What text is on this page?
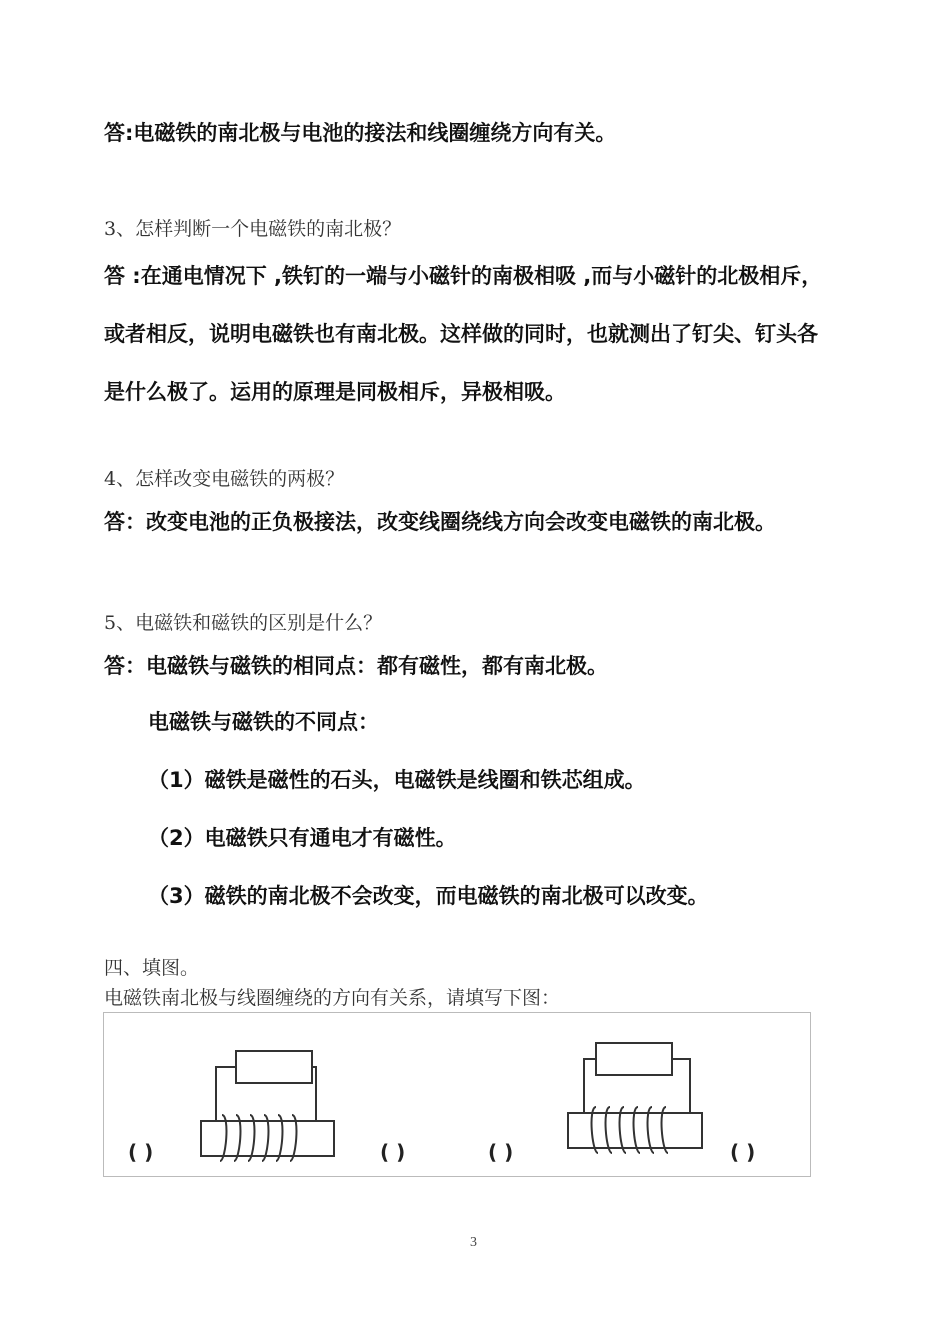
答:电磁铁的南北极与电池的接法和线圈缠绕方向有关。
3、怎样判断一个电磁铁的南北极？
答 :在通电情况下 ,铁钉的一端与小磁针的南极相吸 ,而与小磁针的北极相斥，
或者相反，说明电磁铁也有南北极。这样做的同时，也就测出了钉尖、钉头各
是什么极了。运用的原理是同极相斥，异极相吸。
4、怎样改变电磁铁的两极？
答：改变电池的正负极接法，改变线圈绕线方向会改变电磁铁的南北极。
5、电磁铁和磁铁的区别是什么？
答：电磁铁与磁铁的相同点：都有磁性，都有南北极。
电磁铁与磁铁的不同点：
（1）磁铁是磁性的石头，电磁铁是线圈和铁芯组成。
（2）电磁铁只有通电才有磁性。
（3）磁铁的南北极不会改变，而电磁铁的南北极可以改变。
四、填图。
电磁铁南北极与线圈缠绕的方向有关系，请填写下图：
( )	( )	( )	( )
3
